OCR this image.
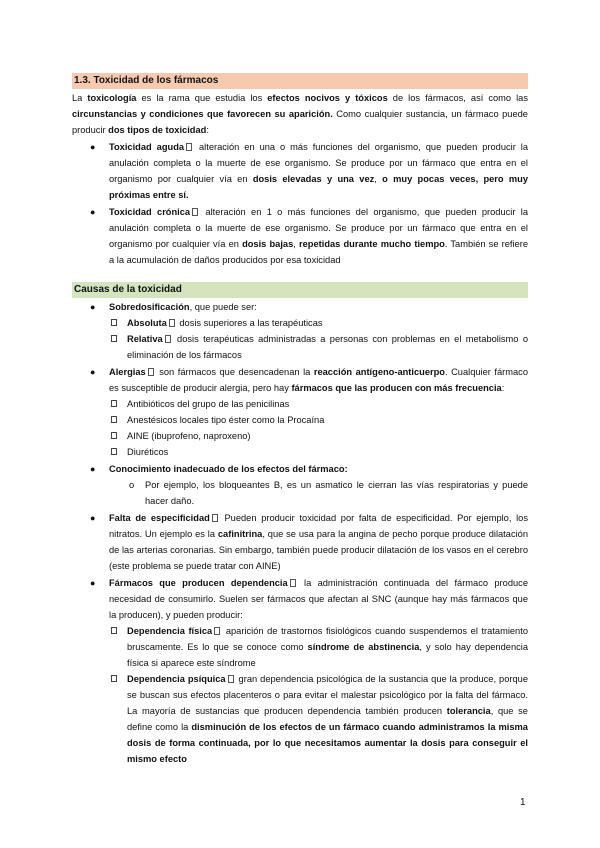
1.3. Toxicidad de los fármacos

La toxicología es la rama que estudia los efectos nocivos y tóxicos de los fármacos, así como las circunstancias y condiciones que favorecen su aparición. Como cualquier sustancia, un fármaco puede producir dos tipos de toxicidad:

● Toxicidad aguda alteración en una o más funciones del organismo, que pueden producir la anulación completa o la muerte de ese organismo. Se produce por un fármaco que entra en el organismo por cualquier vía en dosis elevadas y una vez, o muy pocas veces, pero muy próximas entre sí.
● Toxicidad crónica alteración en 1 o más funciones del organismo, que pueden producir la anulación completa o la muerte de ese organismo. Se produce por un fármaco que entra en el organismo por cualquier vía en dosis bajas, repetidas durante mucho tiempo. También se refiere a la acumulación de daños producidos por esa toxicidad
Causas de la toxicidad
● Sobredosificación, que puede ser:
Absoluta dosis superiores a las terapéuticas
Relativa dosis terapéuticas administradas a personas con problemas en el metabolismo o eliminación de los fármacos
● Alergias son fármacos que desencadenan la reacción antígeno-anticuerpo. Cualquier fármaco es susceptible de producir alergia, pero hay fármacos que las producen con más frecuencia:
Antibióticos del grupo de las penicilinas
Anestésicos locales tipo éster como la Procaína
AINE (ibuprofeno, naproxeno)
Diuréticos
● Conocimiento inadecuado de los efectos del fármaco:
o Por ejemplo, los bloqueantes B, es un asmatico le cierran las vías respiratorias y puede hacer daño.
● Falta de especificidad Pueden producir toxicidad por falta de especificidad. Por ejemplo, los nitratos. Un ejemplo es la cafinitrina, que se usa para la angina de pecho porque produce dilatación de las arterias coronarias. Sin embargo, también puede producir dilatación de los vasos en el cerebro (este problema se puede tratar con AINE)
● Fármacos que producen dependencia la administración continuada del fármaco produce necesidad de consumirlo. Suelen ser fármacos que afectan al SNC (aunque hay más fármacos que la producen), y pueden producir:
Dependencia física aparición de trastornos fisiológicos cuando suspendemos el tratamiento bruscamente. Es lo que se conoce como síndrome de abstinencia, y solo hay dependencia física si aparece este síndrome
Dependencia psíquica gran dependencia psicológica de la sustancia que la produce, porque se buscan sus efectos placenteros o para evitar el malestar psicológico por la falta del fármaco. La mayoría de sustancias que producen dependencia también producen tolerancia, que se define como la disminución de los efectos de un fármaco cuando administramos la misma dosis de forma continuada, por lo que necesitamos aumentar la dosis para conseguir el mismo efecto
1
